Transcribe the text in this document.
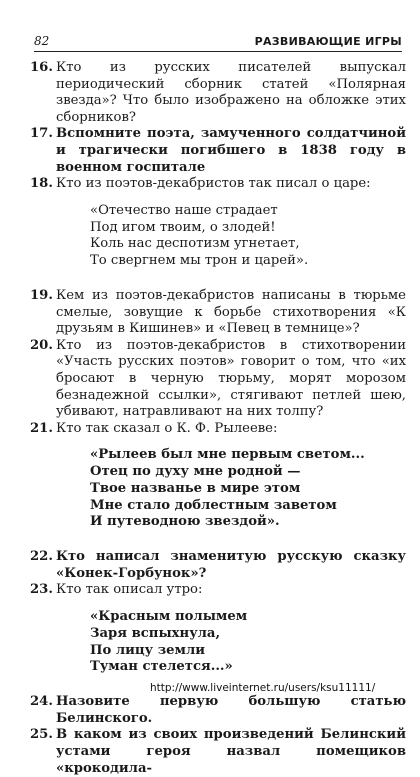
82	РАЗВИВАЮЩИЕ ИГРЫ
16. Кто из русских писателей выпускал периодический сборник статей «Полярная звезда»? Что было изображено на обложке этих сборников?
17. Вспомните поэта, замученного солдатчиной и трагически погибшего в 1838 году в военном госпитале
18. Кто из поэтов-декабристов так писал о царе:
«Отечество наше страдает
Под игом твоим, о злодей!
Коль нас деспотизм угнетает,
То свергнем мы трон и царей».
19. Кем из поэтов-декабристов написаны в тюрьме смелые, зовущие к борьбе стихотворения «К друзьям в Кишинев» и «Певец в темнице»?
20. Кто из поэтов-декабристов в стихотворении «Участь русских поэтов» говорит о том, что «их бросают в черную тюрьму, морят морозом безнадежной ссылки», стягивают петлей шею, убивают, натравливают на них толпу?
21. Кто так сказал о К. Ф. Рылееве:
«Рылеев был мне первым светом...
Отец по духу мне родной —
Твое названье в мире этом
Мне стало доблестным заветом
И путеводною звездой».
22. Кто написал знаменитую русскую сказку «Конек-Горбунок»?
23. Кто так описал утро:
«Красным полымем
Заря вспыхнула,
По лицу земли
Туман стелется...»
24. Назовите первую большую статью Белинского.
25. В каком из своих произведений Белинский устами героя назвал помещиков «крокодила-
http://www.liveinternet.ru/users/ksu11111/
